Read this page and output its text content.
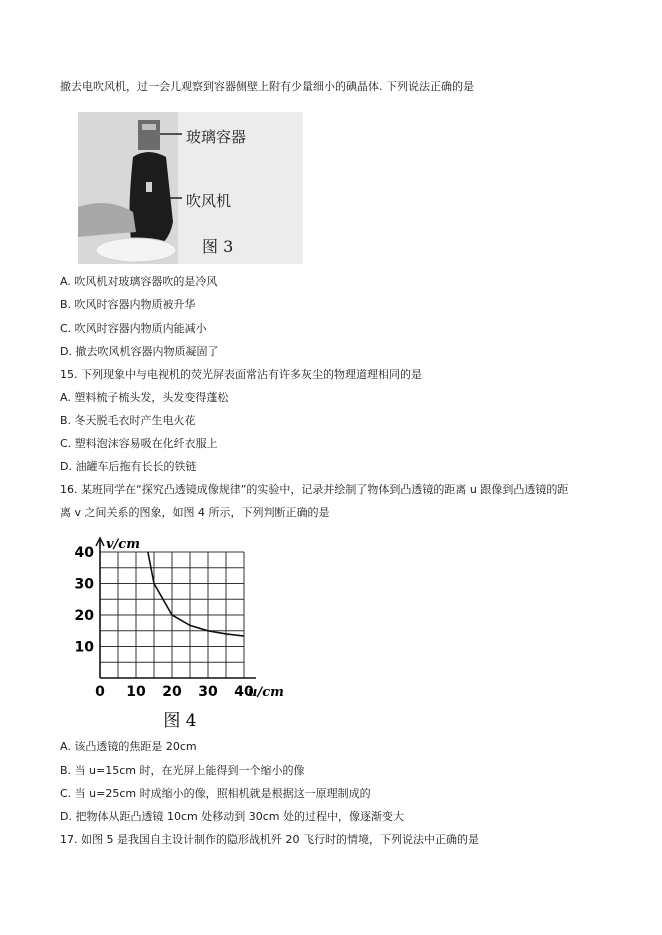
撤去电吹风机，过一会儿观察到容器侧壁上附有少量细小的碘晶体. 下列说法正确的是
玻璃容器
吹风机
图 3
A. 吹风机对玻璃容器吹的是冷风
B. 吹风时容器内物质被升华
C. 吹风时容器内物质内能减小
D. 撤去吹风机容器内物质凝固了
15. 下列现象中与电视机的荧光屏表面常沾有许多灰尘的物理道理相同的是
A. 塑料梳子梳头发，头发变得蓬松
B. 冬天脱毛衣时产生电火花
C. 塑料泡沫容易吸在化纤衣服上
D. 油罐车后拖有长长的铁链
16. 某班同学在“探究凸透镜成像规律”的实验中，记录并绘制了物体到凸透镜的距离 u 跟像到凸透镜的距
离 v 之间关系的图象，如图 4 所示，下列判断正确的是
0 10 20 30 40
10
20
30
40
u/cm
v/cm
图 4
A. 该凸透镜的焦距是 20cm
B. 当 u=15cm 时，在光屏上能得到一个缩小的像
C. 当 u=25cm 时成缩小的像，照相机就是根据这一原理制成的
D. 把物体从距凸透镜 10cm 处移动到 30cm 处的过程中，像逐渐变大
17. 如图 5 是我国自主设计制作的隐形战机歼 20 飞行时的情境，下列说法中正确的是
